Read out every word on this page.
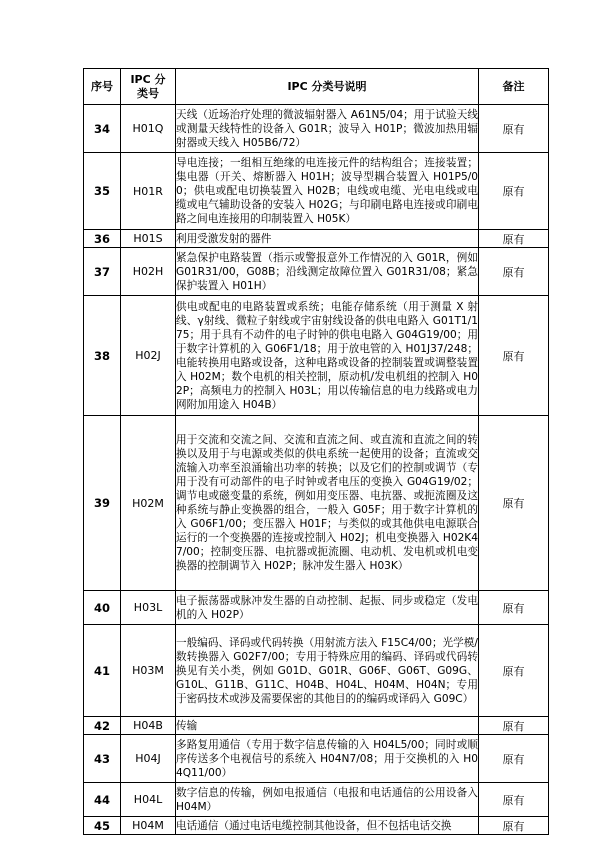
序号	IPC 分类号	IPC 分类号说明	备注
34	H01Q	天线（近场治疗处理的微波辐射器入 A61N5/04；用于试验天线或测量天线特性的设备入 G01R；波导入 H01P；微波加热用辐射器或天线入 H05B6/72）	原有
35	H01R	导电连接；一组相互绝缘的电连接元件的结构组合；连接装置；集电器（开关、熔断器入 H01H；波导型耦合装置入 H01P5/00；供电或配电切换装置入 H02B；电线或电缆、光电电线或电缆或电气辅助设备的安装入 H02G；与印刷电路电连接或印刷电路之间电连接用的印制装置入 H05K）	原有
36	H01S	利用受激发射的器件	原有
37	H02H	紧急保护电路装置（指示或警报意外工作情况的入 G01R，例如 G01R31/00，G08B；沿线测定故障位置入 G01R31/08；紧急保护装置入 H01H）	原有
38	H02J	供电或配电的电路装置或系统；电能存储系统（用于测量 X 射线、γ射线、微粒子射线或宇宙射线设备的供电电路入 G01T1/175；用于具有不动件的电子时钟的供电电路入 G04G19/00；用于数字计算机的入 G06F1/18；用于放电管的入 H01J37/248；电能转换用电路或设备，这种电路或设备的控制装置或调整装置入 H02M；数个电机的相关控制，原动机/发电机组的控制入 H02P；高频电力的控制入 H03L；用以传输信息的电力线路或电力网附加用途入 H04B）	原有
39	H02M	用于交流和交流之间、交流和直流之间、或直流和直流之间的转换以及用于与电源或类似的供电系统一起使用的设备；直流或交流输入功率至浪涌输出功率的转换；以及它们的控制或调节（专用于没有可动部件的电子时钟或者电压的变换入 G04G19/02；调节电或磁变量的系统，例如用变压器、电抗器、或扼流圈及这种系统与静止变换器的组合，一般入 G05F；用于数字计算机的入 G06F1/00；变压器入 H01F；与类似的或其他供电电源联合运行的一个变换器的连接或控制入 H02J；机电变换器入 H02K47/00；控制变压器、电抗器或扼流圈、电动机、发电机或机电变换器的控制调节入 H02P；脉冲发生器入 H03K）	原有
40	H03L	电子振荡器或脉冲发生器的自动控制、起振、同步或稳定（发电机的入 H02P）	原有
41	H03M	一般编码、译码或代码转换（用射流方法入 F15C4/00；光学模/数转换器入 G02F7/00；专用于特殊应用的编码、译码或代码转换见有关小类，例如 G01D、G01R、G06F、G06T、G09G、G10L、G11B、G11C、H04B、H04L、H04M、H04N；专用于密码技术或涉及需要保密的其他目的的编码或译码入 G09C）	原有
42	H04B	传输	原有
43	H04J	多路复用通信（专用于数字信息传输的入 H04L5/00；同时或顺序传送多个电视信号的系统入 H04N7/08；用于交换机的入 H04Q11/00）	原有
44	H04L	数字信息的传输，例如电报通信（电报和电话通信的公用设备入 H04M）	原有
45	H04M	电话通信（通过电话电缆控制其他设备，但不包括电话交换	原有
